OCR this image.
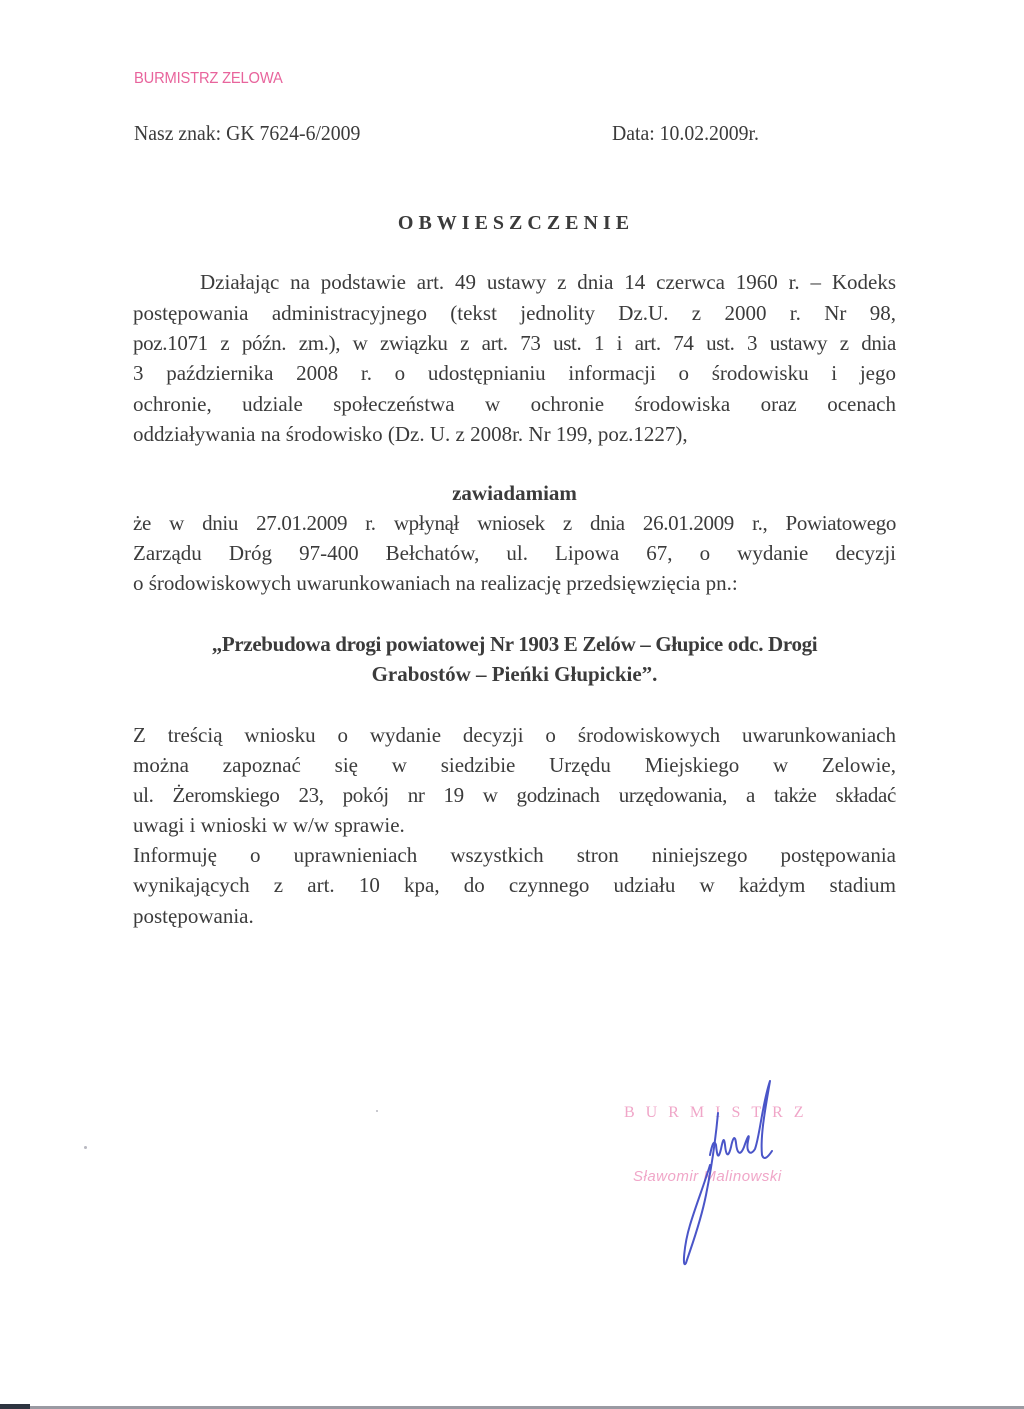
BURMISTRZ ZELOWA
Nasz znak: GK 7624-6/2009	Data: 10.02.2009r.
OBWIESZCZENIE
Działając na podstawie art. 49 ustawy z dnia 14 czerwca 1960 r. – Kodeks
postępowania administracyjnego (tekst jednolity Dz.U. z 2000 r. Nr 98,
poz.1071 z późn. zm.), w związku z art. 73 ust. 1 i art. 74 ust. 3 ustawy z dnia
3 października 2008 r. o udostępnianiu informacji o środowisku i jego
ochronie, udziale społeczeństwa w ochronie środowiska oraz ocenach
oddziaływania na środowisko (Dz. U. z 2008r. Nr 199, poz.1227),
zawiadamiam
że w dniu 27.01.2009 r. wpłynął wniosek z dnia 26.01.2009 r., Powiatowego
Zarządu Dróg 97-400 Bełchatów, ul. Lipowa 67, o wydanie decyzji
o środowiskowych uwarunkowaniach na realizację przedsięwzięcia pn.:
„Przebudowa drogi powiatowej Nr 1903 E Zelów – Głupice odc. Drogi
Grabostów – Pieńki Głupickie”.
Z treścią wniosku o wydanie decyzji o środowiskowych uwarunkowaniach
można zapoznać się w siedzibie Urzędu Miejskiego w Zelowie,
ul. Żeromskiego 23, pokój nr 19 w godzinach urzędowania, a także składać
uwagi i wnioski w w/w sprawie.
Informuję o uprawnieniach wszystkich stron niniejszego postępowania
wynikających z art. 10 kpa, do czynnego udziału w każdym stadium
postępowania.
BURMISTRZ
Sławomir Malinowski
